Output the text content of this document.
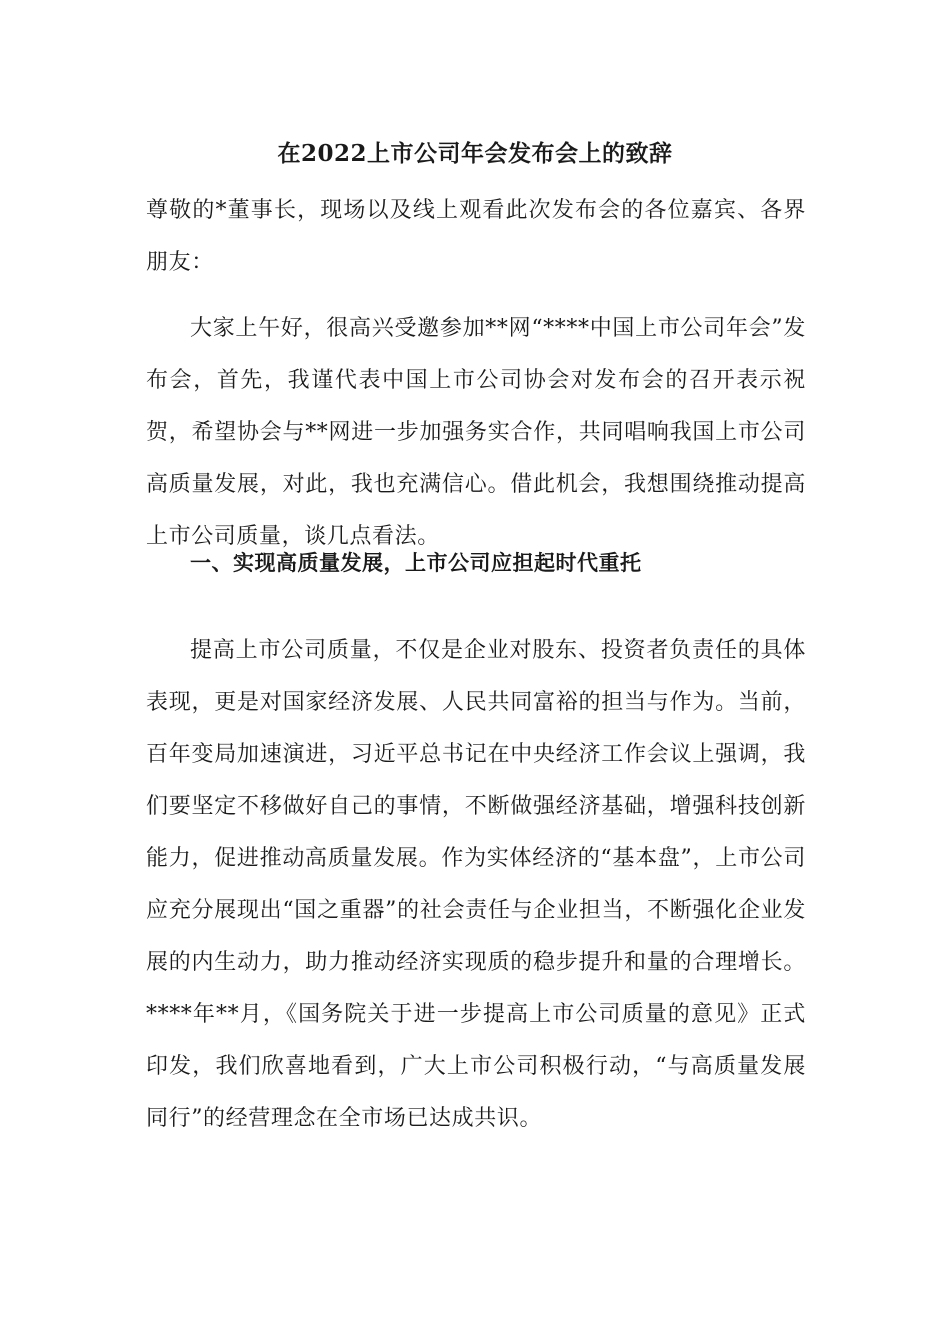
在2022上市公司年会发布会上的致辞

尊敬的*董事长，现场以及线上观看此次发布会的各位嘉宾、各界朋友：

大家上午好，很高兴受邀参加**网“****中国上市公司年会”发布会，首先，我谨代表中国上市公司协会对发布会的召开表示祝贺，希望协会与**网进一步加强务实合作，共同唱响我国上市公司高质量发展，对此，我也充满信心。借此机会，我想围绕推动提高上市公司质量，谈几点看法。

一、实现高质量发展，上市公司应担起时代重托

提高上市公司质量，不仅是企业对股东、投资者负责任的具体表现，更是对国家经济发展、人民共同富裕的担当与作为。当前，百年变局加速演进，习近平总书记在中央经济工作会议上强调，我们要坚定不移做好自己的事情，不断做强经济基础，增强科技创新能力，促进推动高质量发展。作为实体经济的“基本盘”，上市公司应充分展现出“国之重器”的社会责任与企业担当，不断强化企业发展的内生动力，助力推动经济实现质的稳步提升和量的合理增长。****年**月，《国务院关于进一步提高上市公司质量的意见》正式印发，我们欣喜地看到，广大上市公司积极行动，“与高质量发展同行”的经营理念在全市场已达成共识。
